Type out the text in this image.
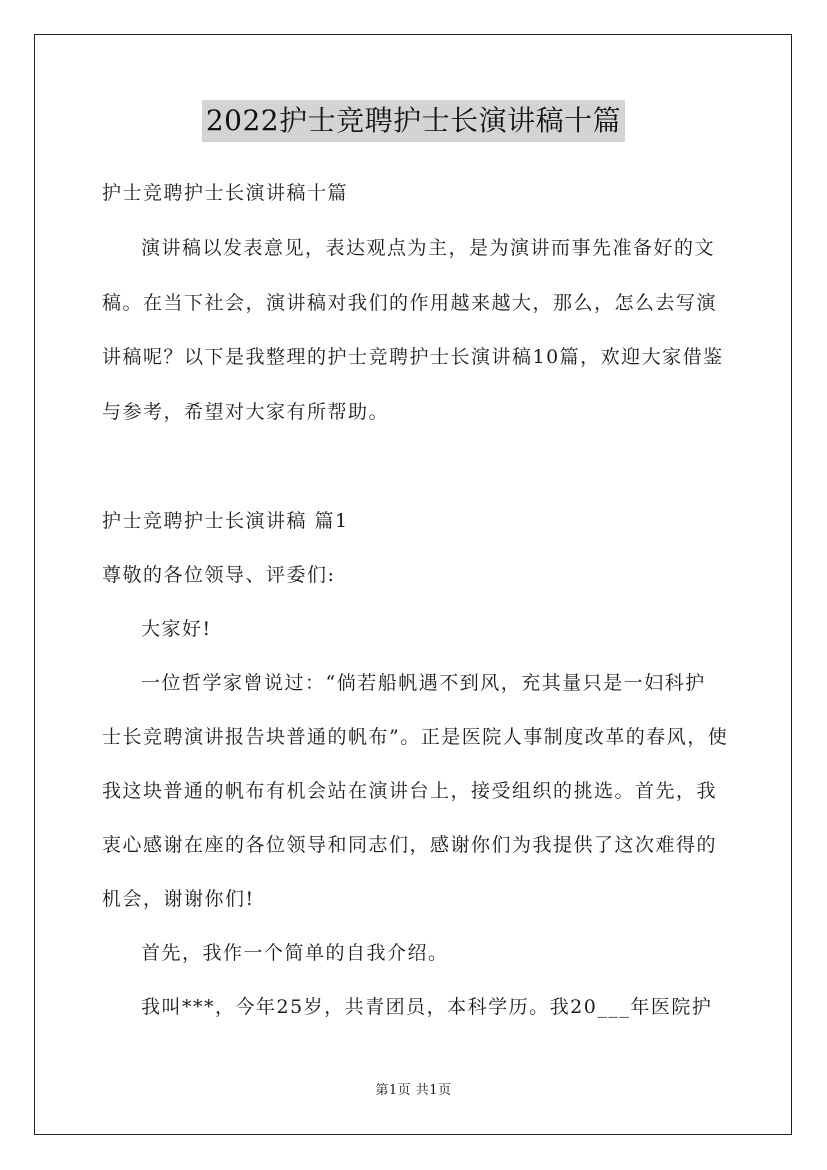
2022护士竞聘护士长演讲稿十篇
护士竞聘护士长演讲稿十篇
演讲稿以发表意见，表达观点为主，是为演讲而事先准备好的文
稿。在当下社会，演讲稿对我们的作用越来越大，那么，怎么去写演
讲稿呢？以下是我整理的护士竞聘护士长演讲稿10篇，欢迎大家借鉴
与参考，希望对大家有所帮助。
护士竞聘护士长演讲稿 篇1
尊敬的各位领导、评委们:
大家好!
一位哲学家曾说过：“倘若船帆遇不到风，充其量只是一妇科护
士长竞聘演讲报告块普通的帆布”。正是医院人事制度改革的春风，使
我这块普通的帆布有机会站在演讲台上，接受组织的挑选。首先，我
衷心感谢在座的各位领导和同志们，感谢你们为我提供了这次难得的
机会，谢谢你们!
首先，我作一个简单的自我介绍。
我叫***，今年25岁，共青团员，本科学历。我20___年医院护
第1页 共1页
